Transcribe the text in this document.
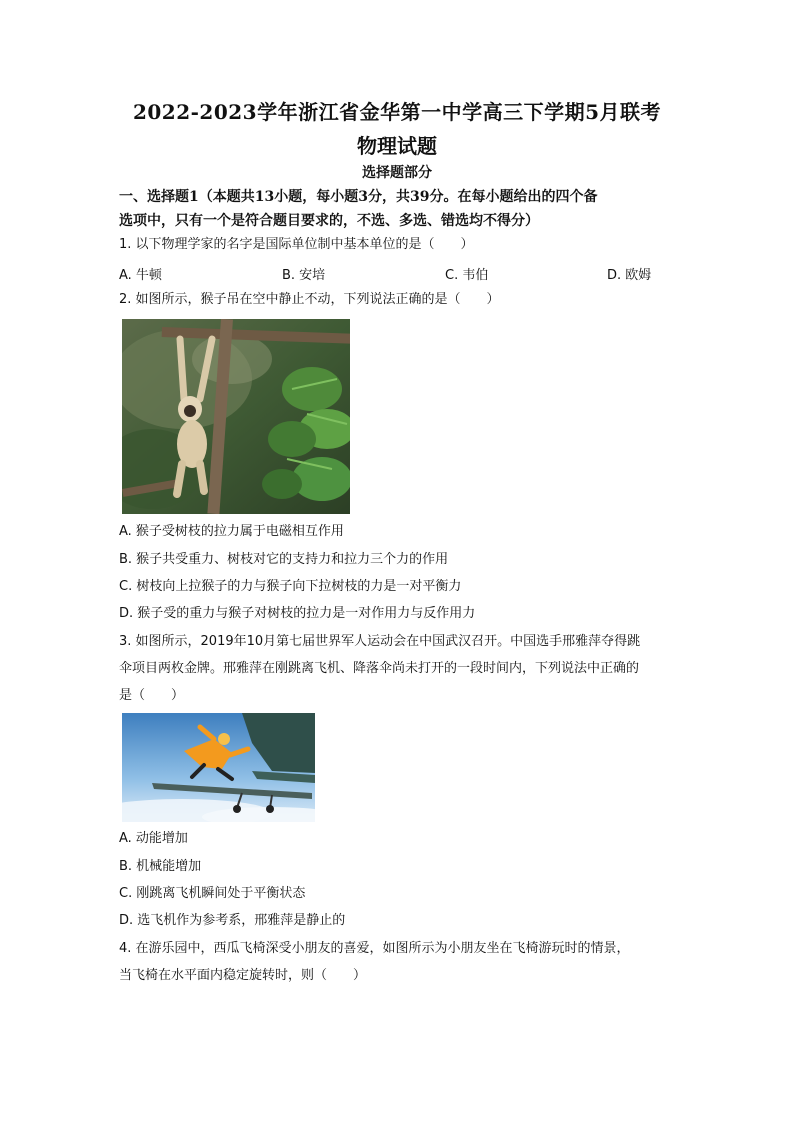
2022-2023学年浙江省金华第一中学高三下学期5月联考
物理试题
选择题部分
一、选择题1（本题共13小题，每小题3分，共39分。在每小题给出的四个备
选项中，只有一个是符合题目要求的，不选、多选、错选均不得分）
1. 以下物理学家的名字是国际单位制中基本单位的是（　　）
A. 牛顿	B. 安培	C. 韦伯	D. 欧姆
2. 如图所示，猴子吊在空中静止不动，下列说法正确的是（　　）
A. 猴子受树枝的拉力属于电磁相互作用
B. 猴子共受重力、树枝对它的支持力和拉力三个力的作用
C. 树枝向上拉猴子的力与猴子向下拉树枝的力是一对平衡力
D. 猴子受的重力与猴子对树枝的拉力是一对作用力与反作用力
3. 如图所示，2019年10月第七届世界军人运动会在中国武汉召开。中国选手邢雅萍夺得跳
伞项目两枚金牌。邢雅萍在刚跳离飞机、降落伞尚未打开的一段时间内，下列说法中正确的
是（　　）
A. 动能增加
B. 机械能增加
C. 刚跳离飞机瞬间处于平衡状态
D. 选飞机作为参考系，邢雅萍是静止的
4. 在游乐园中，西瓜飞椅深受小朋友的喜爱，如图所示为小朋友坐在飞椅游玩时的情景，
当飞椅在水平面内稳定旋转时，则（　　）
